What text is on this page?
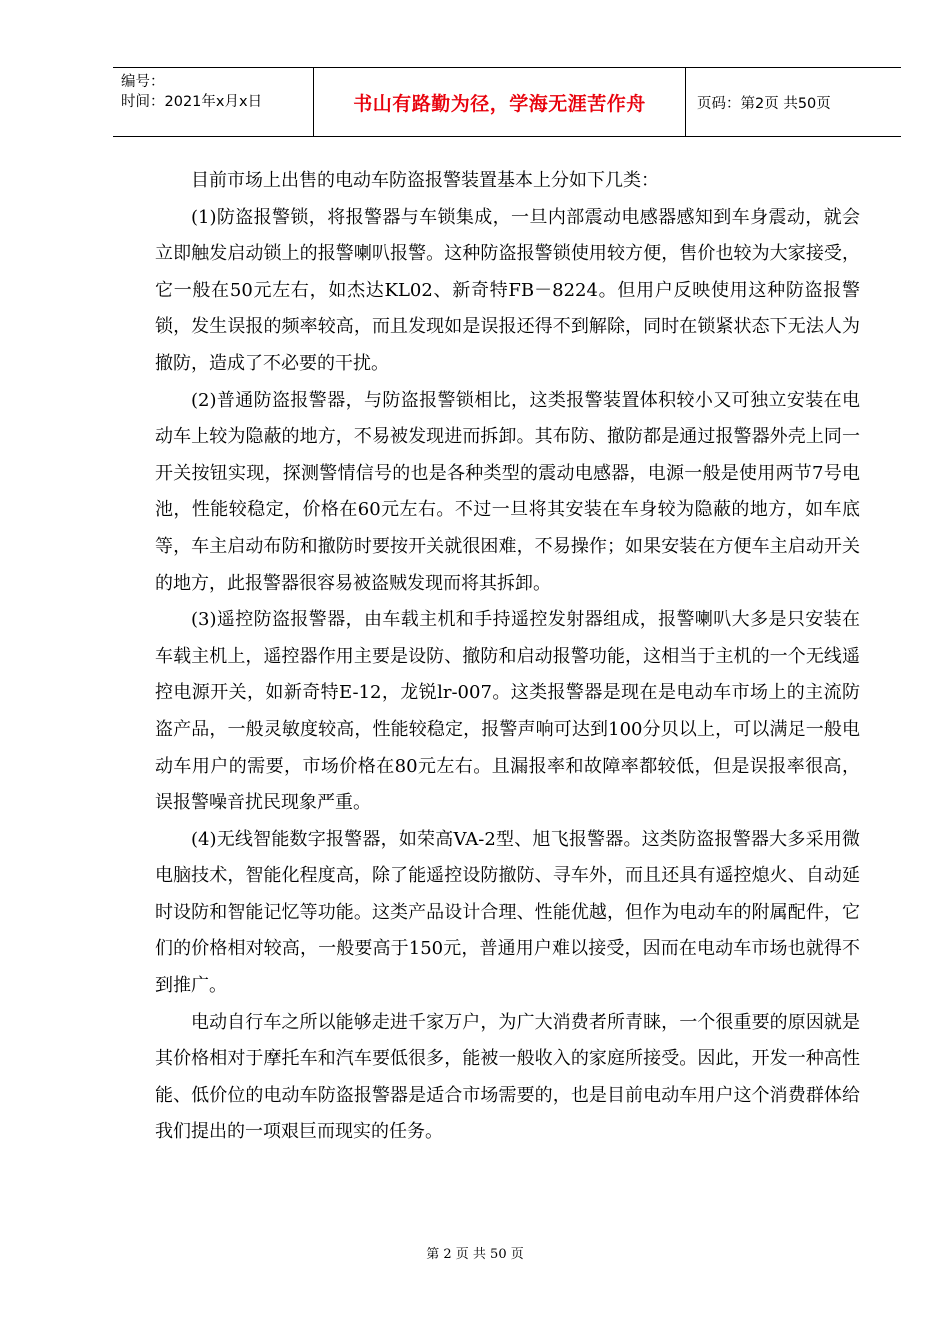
编号：
时间：2021年x月x日	书山有路勤为径，学海无涯苦作舟	页码：第2页 共50页

目前市场上出售的电动车防盗报警装置基本上分如下几类：

(1)防盗报警锁，将报警器与车锁集成，一旦内部震动电感器感知到车身震动，就会立即触发启动锁上的报警喇叭报警。这种防盗报警锁使用较方便，售价也较为大家接受，它一般在50元左右，如杰达KL02、新奇特FB－8224。但用户反映使用这种防盗报警锁，发生误报的频率较高，而且发现如是误报还得不到解除，同时在锁紧状态下无法人为撤防，造成了不必要的干扰。

(2)普通防盗报警器，与防盗报警锁相比，这类报警装置体积较小又可独立安装在电动车上较为隐蔽的地方，不易被发现进而拆卸。其布防、撤防都是通过报警器外壳上同一开关按钮实现，探测警情信号的也是各种类型的震动电感器，电源一般是使用两节7号电池，性能较稳定，价格在60元左右。不过一旦将其安装在车身较为隐蔽的地方，如车底等，车主启动布防和撤防时要按开关就很困难，不易操作；如果安装在方便车主启动开关的地方，此报警器很容易被盗贼发现而将其拆卸。

(3)遥控防盗报警器，由车载主机和手持遥控发射器组成，报警喇叭大多是只安装在车载主机上，遥控器作用主要是设防、撤防和启动报警功能，这相当于主机的一个无线遥控电源开关，如新奇特E-12，龙锐lr-007。这类报警器是现在是电动车市场上的主流防盗产品，一般灵敏度较高，性能较稳定，报警声响可达到100分贝以上，可以满足一般电动车用户的需要，市场价格在80元左右。且漏报率和故障率都较低，但是误报率很高，误报警噪音扰民现象严重。

(4)无线智能数字报警器，如荣高VA-2型、旭飞报警器。这类防盗报警器大多采用微电脑技术，智能化程度高，除了能遥控设防撤防、寻车外，而且还具有遥控熄火、自动延时设防和智能记忆等功能。这类产品设计合理、性能优越，但作为电动车的附属配件，它们的价格相对较高，一般要高于150元，普通用户难以接受，因而在电动车市场也就得不到推广。

电动自行车之所以能够走进千家万户，为广大消费者所青睐，一个很重要的原因就是其价格相对于摩托车和汽车要低很多，能被一般收入的家庭所接受。因此，开发一种高性能、低价位的电动车防盗报警器是适合市场需要的，也是目前电动车用户这个消费群体给我们提出的一项艰巨而现实的任务。

第 2 页 共 50 页
